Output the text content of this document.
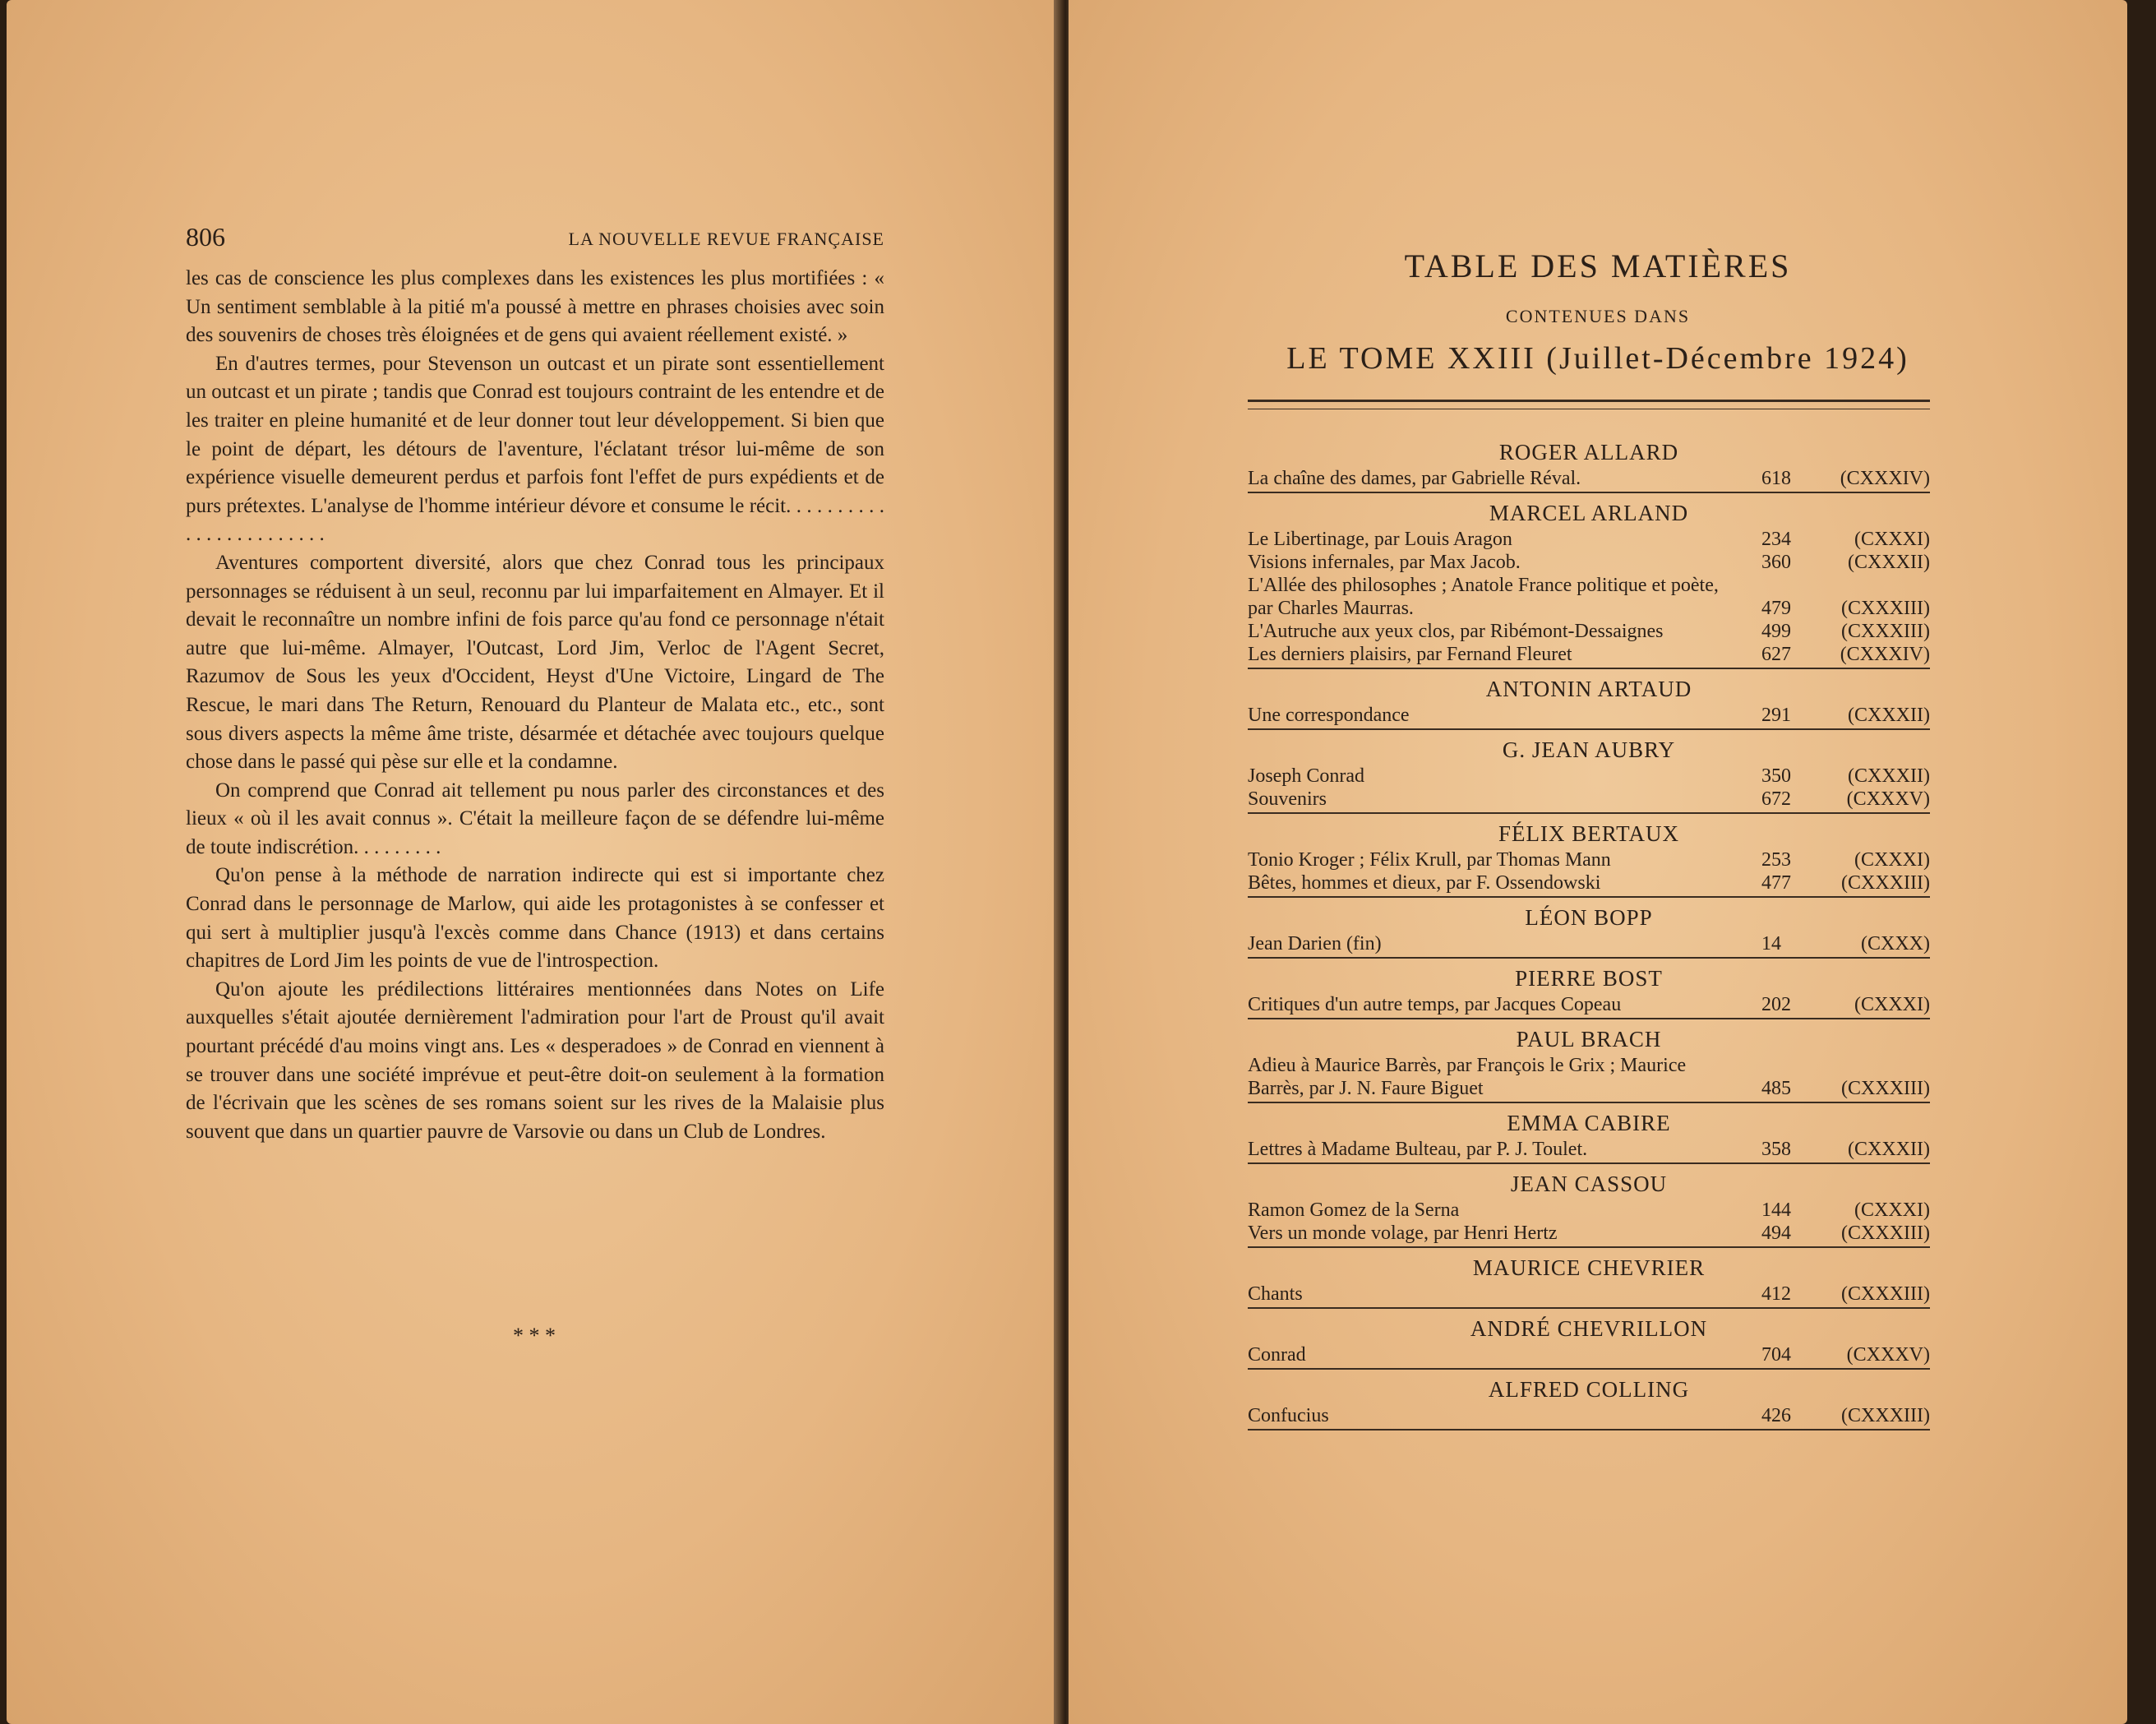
806	LA NOUVELLE REVUE FRANÇAISE

les cas de conscience les plus complexes dans les existences les plus mortifiées : « Un sentiment semblable à la pitié m'a poussé à mettre en phrases choisies avec soin des souvenirs de choses très éloignées et de gens qui avaient réellement existé. »

En d'autres termes, pour Stevenson un outcast et un pirate sont essentiellement un outcast et un pirate ; tandis que Conrad est toujours contraint de les entendre et de les traiter en pleine humanité et de leur donner tout leur développement. Si bien que le point de départ, les détours de l'aventure, l'éclatant trésor lui-même de son expérience visuelle demeurent perdus et parfois font l'effet de purs expédients et de purs prétextes. L'analyse de l'homme intérieur dévore et consume le récit. . . . . . . . . . . . . . . . . . . . . . . .

Aventures comportent diversité, alors que chez Conrad tous les principaux personnages se réduisent à un seul, reconnu par lui imparfaitement en Almayer. Et il devait le reconnaître un nombre infini de fois parce qu'au fond ce personnage n'était autre que lui-même. Almayer, l'Outcast, Lord Jim, Verloc de l'Agent Secret, Razumov de Sous les yeux d'Occident, Heyst d'Une Victoire, Lingard de The Rescue, le mari dans The Return, Renouard du Planteur de Malata etc., etc., sont sous divers aspects la même âme triste, désarmée et détachée avec toujours quelque chose dans le passé qui pèse sur elle et la condamne.

On comprend que Conrad ait tellement pu nous parler des circonstances et des lieux « où il les avait connus ». C'était la meilleure façon de se défendre lui-même de toute indiscrétion. . . . . . . . .

Qu'on pense à la méthode de narration indirecte qui est si importante chez Conrad dans le personnage de Marlow, qui aide les protagonistes à se confesser et qui sert à multiplier jusqu'à l'excès comme dans Chance (1913) et dans certains chapitres de Lord Jim les points de vue de l'introspection.

Qu'on ajoute les prédilections littéraires mentionnées dans Notes on Life auxquelles s'était ajoutée dernièrement l'admiration pour l'art de Proust qu'il avait pourtant précédé d'au moins vingt ans. Les « desperadoes » de Conrad en viennent à se trouver dans une société imprévue et peut-être doit-on seulement à la formation de l'écrivain que les scènes de ses romans soient sur les rives de la Malaisie plus souvent que dans un quartier pauvre de Varsovie ou dans un Club de Londres.

* * *
TABLE DES MATIÈRES
CONTENUES DANS
LE TOME XXIII (Juillet-Décembre 1924)
ROGER ALLARD
La chaîne des dames, par Gabrielle Réval.	618	(CXXXIV)
MARCEL ARLAND
Le Libertinage, par Louis Aragon	234	(CXXXI)
Visions infernales, par Max Jacob.	360	(CXXXII)
L'Allée des philosophes ; Anatole France politique et poète, par Charles Maurras.	479	(CXXXIII)
L'Autruche aux yeux clos, par Ribémont-Dessaignes	499	(CXXXIII)
Les derniers plaisirs, par Fernand Fleuret	627	(CXXXIV)
ANTONIN ARTAUD
Une correspondance	291	(CXXXII)
G. JEAN AUBRY
Joseph Conrad	350	(CXXXII)
Souvenirs	672	(CXXXV)
FÉLIX BERTAUX
Tonio Kroger ; Félix Krull, par Thomas Mann	253	(CXXXI)
Bêtes, hommes et dieux, par F. Ossendowski	477	(CXXXIII)
LÉON BOPP
Jean Darien (fin)	14	(CXXX)
PIERRE BOST
Critiques d'un autre temps, par Jacques Copeau	202	(CXXXI)
PAUL BRACH
Adieu à Maurice Barrès, par François le Grix ; Maurice Barrès, par J. N. Faure Biguet	485	(CXXXIII)
EMMA CABIRE
Lettres à Madame Bulteau, par P. J. Toulet.	358	(CXXXII)
JEAN CASSOU
Ramon Gomez de la Serna	144	(CXXXI)
Vers un monde volage, par Henri Hertz	494	(CXXXIII)
MAURICE CHEVRIER
Chants	412	(CXXXIII)
ANDRÉ CHEVRILLON
Conrad	704	(CXXXV)
ALFRED COLLING
Confucius	426	(CXXXIII)
